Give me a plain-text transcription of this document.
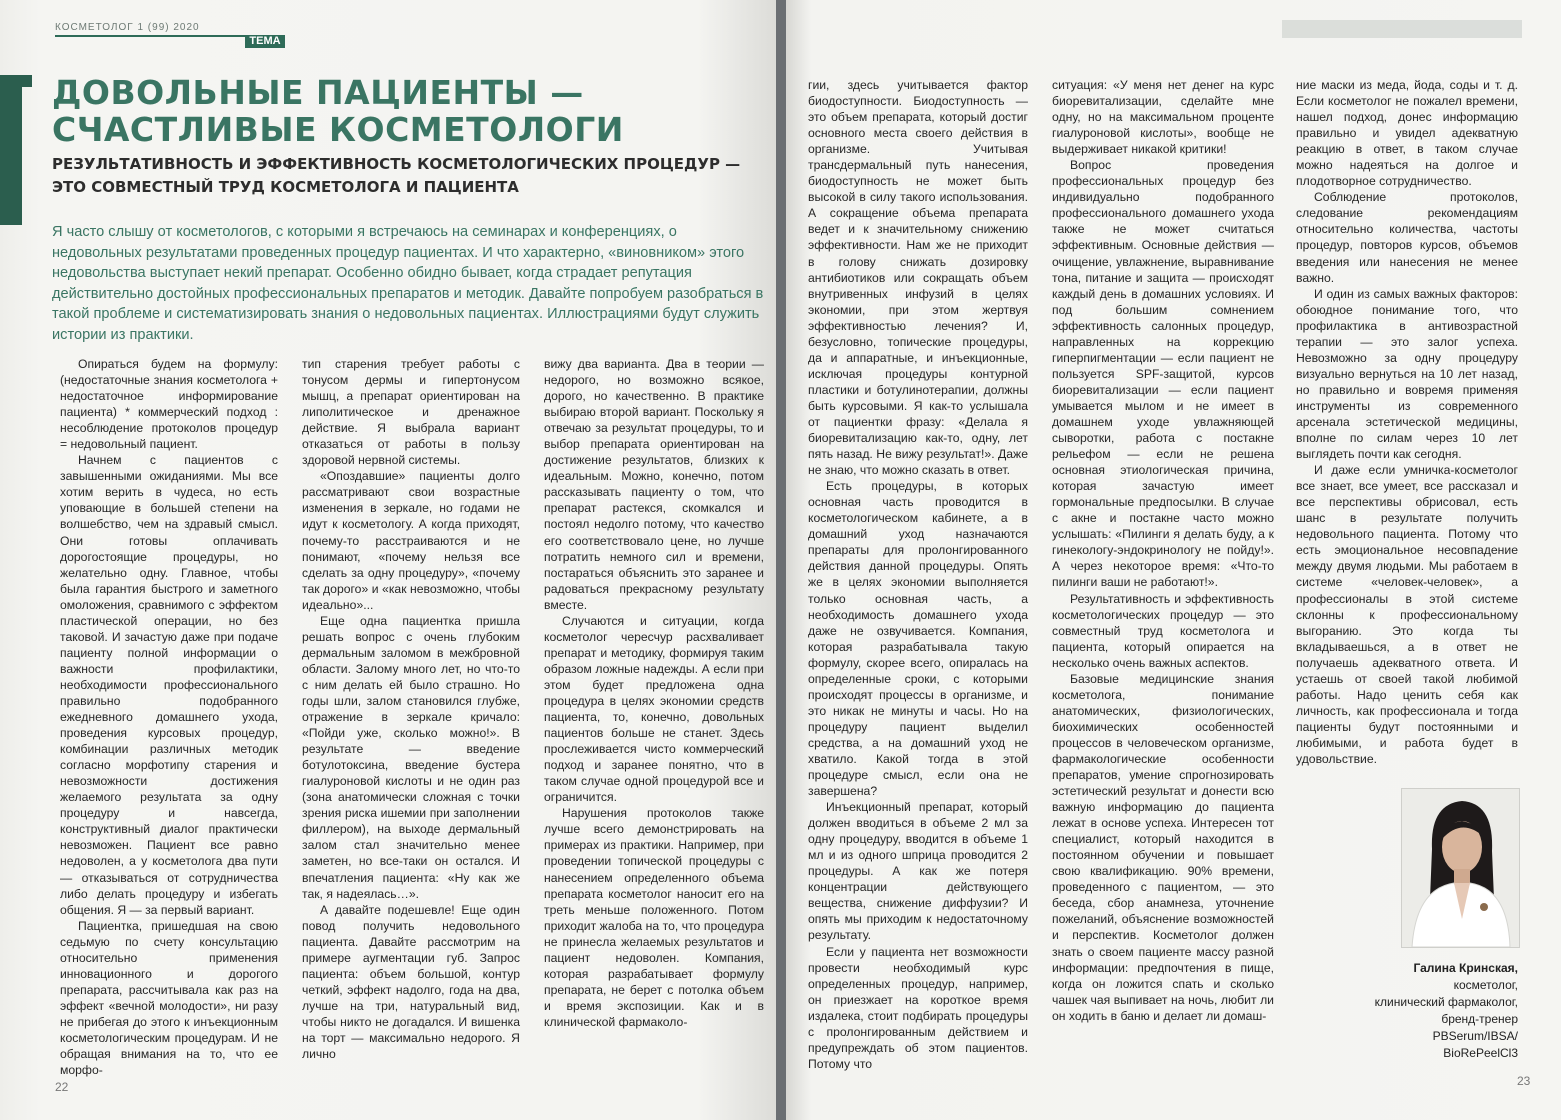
КОСМЕТОЛОГ 1 (99) 2020
ТЕМА
ДОВОЛЬНЫЕ ПАЦИЕНТЫ — СЧАСТЛИВЫЕ КОСМЕТОЛОГИ
РЕЗУЛЬТАТИВНОСТЬ И ЭФФЕКТИВНОСТЬ КОСМЕТОЛОГИЧЕСКИХ ПРОЦЕДУР — ЭТО СОВМЕСТНЫЙ ТРУД КОСМЕТОЛОГА И ПАЦИЕНТА
Я часто слышу от косметологов, с которыми я встречаюсь на семинарах и конференциях, о недовольных результатами проведенных процедур пациентах. И что характерно, «виновником» этого недовольства выступает некий препарат. Особенно обидно бывает, когда страдает репутация действительно достойных профессиональных препаратов и методик. Давайте попробуем разобраться в такой проблеме и систематизировать знания о недовольных пациентах. Иллюстрациями будут служить истории из практики.

Опираться будем на формулу: (недостаточные знания косметолога + недостаточное информирование пациента) * коммерческий подход : несоблюдение протоколов процедур = недовольный пациент.

Начнем с пациентов с завышенными ожиданиями. Мы все хотим верить в чудеса, но есть уповающие в большей степени на волшебство, чем на здравый смысл. Они готовы оплачивать дорогостоящие процедуры, но желательно одну. Главное, чтобы была гарантия быстрого и заметного омоложения, сравнимого с эффектом пластической операции, но без таковой. И зачастую даже при подаче пациенту полной информации о важности профилактики, необходимости профессионального правильно подобранного ежедневного домашнего ухода, проведения курсовых процедур, комбинации различных методик согласно морфотипу старения и невозможности достижения желаемого результата за одну процедуру и навсегда, конструктивный диалог практически невозможен. Пациент все равно недоволен, а у косметолога два пути — отказываться от сотрудничества либо делать процедуру и избегать общения. Я — за первый вариант.

Пациентка, пришедшая на свою седьмую по счету консультацию относительно применения инновационного и дорогого препарата, рассчитывала как раз на эффект «вечной молодости», ни разу не прибегая до этого к инъекционным косметологическим процедурам. И не обращая внимания на то, что ее морфо-

тип старения требует работы с тонусом дермы и гипертонусом мышц, а препарат ориентирован на липолитическое и дренажное действие. Я выбрала вариант отказаться от работы в пользу здоровой нервной системы.

«Опоздавшие» пациенты долго рассматривают свои возрастные изменения в зеркале, но годами не идут к косметологу. А когда приходят, почему-то расстраиваются и не понимают, «почему нельзя все сделать за одну процедуру», «почему так дорого» и «как невозможно, чтобы идеально»...

Еще одна пациентка пришла решать вопрос с очень глубоким дермальным заломом в межбровной области. Залому много лет, но что-то с ним делать ей было страшно. Но годы шли, залом становился глубже, отражение в зеркале кричало: «Пойди уже, сколько можно!». В результате — введение ботулотоксина, введение бустера гиалуроновой кислоты и не один раз (зона анатомически сложная с точки зрения риска ишемии при заполнении филлером), на выходе дермальный залом стал значительно менее заметен, но все-таки он остался. И впечатления пациента: «Ну как же так, я надеялась…».

А давайте подешевле! Еще один повод получить недовольного пациента. Давайте рассмотрим на примере аугментации губ. Запрос пациента: объем большой, контур четкий, эффект надолго, года на два, лучше на три, натуральный вид, чтобы никто не догадался. И вишенка на торт — максимально недорого. Я лично

вижу два варианта. Два в теории — недорого, но возможно всякое, дорого, но качественно. В практике выбираю второй вариант. Поскольку я отвечаю за результат процедуры, то и выбор препарата ориентирован на достижение результатов, близких к идеальным. Можно, конечно, потом рассказывать пациенту о том, что препарат растекся, скомкался и постоял недолго потому, что качество его соответствовало цене, но лучше потратить немного сил и времени, постараться объяснить это заранее и радоваться прекрасному результату вместе.

Случаются и ситуации, когда косметолог чересчур расхваливает препарат и методику, формируя таким образом ложные надежды. А если при этом будет предложена одна процедура в целях экономии средств пациента, то, конечно, довольных пациентов больше не станет. Здесь прослеживается чисто коммерческий подход и заранее понятно, что в таком случае одной процедурой все и ограничится.

Нарушения протоколов также лучше всего демонстрировать на примерах из практики. Например, при проведении топической процедуры с нанесением определенного объема препарата косметолог наносит его на треть меньше положенного. Потом приходит жалоба на то, что процедура не принесла желаемых результатов и пациент недоволен. Компания, которая разрабатывает формулу препарата, не берет с потолка объем и время экспозиции. Как и в клинической фармаколо-

22

гии, здесь учитывается фактор биодоступности. Биодоступность — это объем препарата, который достиг основного места своего действия в организме. Учитывая трансдермальный путь нанесения, биодоступность не может быть высокой в силу такого использования. А сокращение объема препарата ведет и к значительному снижению эффективности. Нам же не приходит в голову снижать дозировку антибиотиков или сокращать объем внутривенных инфузий в целях экономии, при этом жертвуя эффективностью лечения? И, безусловно, топические процедуры, да и аппаратные, и инъекционные, исключая процедуры контурной пластики и ботулинотерапии, должны быть курсовыми. Я как-то услышала от пациентки фразу: «Делала я биоревитализацию как-то, одну, лет пять назад. Не вижу результат!». Даже не знаю, что можно сказать в ответ.

Есть процедуры, в которых основная часть проводится в косметологическом кабинете, а в домашний уход назначаются препараты для пролонгированного действия данной процедуры. Опять же в целях экономии выполняется только основная часть, а необходимость домашнего ухода даже не озвучивается. Компания, которая разрабатывала такую формулу, скорее всего, опиралась на определенные сроки, с которыми происходят процессы в организме, и это никак не минуты и часы. Но на процедуру пациент выделил средства, а на домашний уход не хватило. Какой тогда в этой процедуре смысл, если она не завершена?

Инъекционный препарат, который должен вводиться в объеме 2 мл за одну процедуру, вводится в объеме 1 мл и из одного шприца проводится 2 процедуры. А как же потеря концентрации действующего вещества, снижение диффузии? И опять мы приходим к недостаточному результату.

Если у пациента нет возможности провести необходимый курс определенных процедур, например, он приезжает на короткое время издалека, стоит подбирать процедуры с пролонгированным действием и предупреждать об этом пациентов. Потому что

ситуация: «У меня нет денег на курс биоревитализации, сделайте мне одну, но на максимальном проценте гиалуроновой кислоты», вообще не выдерживает никакой критики!

Вопрос проведения профессиональных процедур без индивидуально подобранного профессионального домашнего ухода также не может считаться эффективным. Основные действия — очищение, увлажнение, выравнивание тона, питание и защита — происходят каждый день в домашних условиях. И под большим сомнением эффективность салонных процедур, направленных на коррекцию гиперпигментации — если пациент не пользуется SPF-защитой, курсов биоревитализации — если пациент умывается мылом и не имеет в домашнем уходе увлажняющей сыворотки, работа с постакне рельефом — если не решена основная этиологическая причина, которая зачастую имеет гормональные предпосылки. В случае с акне и постакне часто можно услышать: «Пилинги я делать буду, а к гинекологу-эндокринологу не пойду!». А через некоторое время: «Что-то пилинги ваши не работают!».

Результативность и эффективность косметологических процедур — это совместный труд косметолога и пациента, который опирается на несколько очень важных аспектов.

Базовые медицинские знания косметолога, понимание анатомических, физиологических, биохимических особенностей процессов в человеческом организме, фармакологические особенности препаратов, умение спрогнозировать эстетический результат и донести всю важную информацию до пациента лежат в основе успеха. Интересен тот специалист, который находится в постоянном обучении и повышает свою квалификацию. 90% времени, проведенного с пациентом, — это беседа, сбор анамнеза, уточнение пожеланий, объяснение возможностей и перспектив. Косметолог должен знать о своем пациенте массу разной информации: предпочтения в пище, когда он ложится спать и сколько чашек чая выпивает на ночь, любит ли он ходить в баню и делает ли домаш-

ние маски из меда, йода, соды и т. д. Если косметолог не пожалел времени, нашел подход, донес информацию правильно и увидел адекватную реакцию в ответ, в таком случае можно надеяться на долгое и плодотворное сотрудничество.

Соблюдение протоколов, следование рекомендациям относительно количества, частоты процедур, повторов курсов, объемов введения или нанесения не менее важно.

И один из самых важных факторов: обоюдное понимание того, что профилактика в антивозрастной терапии — это залог успеха. Невозможно за одну процедуру визуально вернуться на 10 лет назад, но правильно и вовремя применяя инструменты из современного арсенала эстетической медицины, вполне по силам через 10 лет выглядеть почти как сегодня.

И даже если умничка-косметолог все знает, все умеет, все рассказал и все перспективы обрисовал, есть шанс в результате получить недовольного пациента. Потому что есть эмоциональное несовпадение между двумя людьми. Мы работаем в системе «человек-человек», а профессионалы в этой системе склонны к профессиональному выгоранию. Это когда ты вкладываешься, а в ответ не получаешь адекватного ответа. И устаешь от своей такой любимой работы. Надо ценить себя как личность, как профессионала и тогда пациенты будут постоянными и любимыми, и работа будет в удовольствие.

Галина Кринская,
косметолог,
клинический фармаколог,
бренд-тренер
PBSerum/IBSA/
BioRePeelCl3
23
